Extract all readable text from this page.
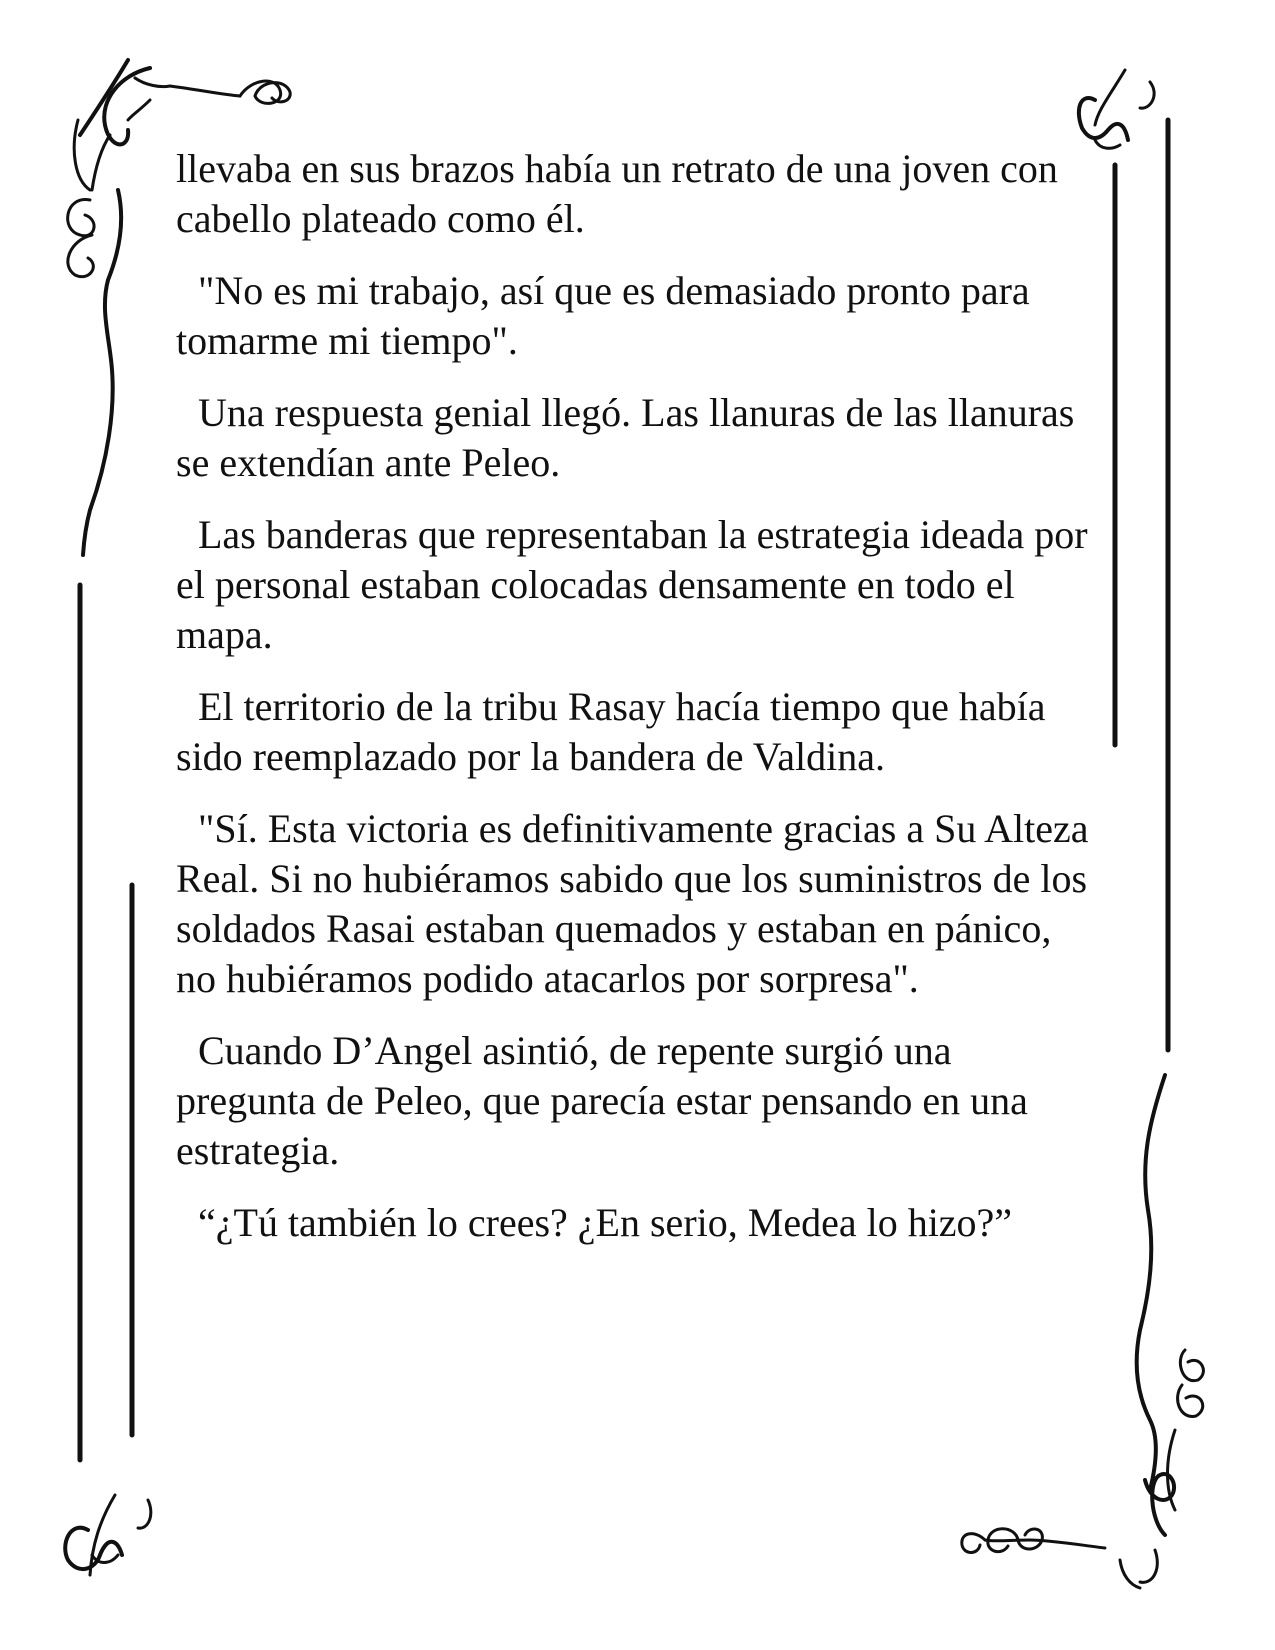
llevaba en sus brazos había un retrato de una joven con cabello plateado como él.

"No es mi trabajo, así que es demasiado pronto para tomarme mi tiempo".

Una respuesta genial llegó. Las llanuras de las llanuras se extendían ante Peleo.

Las banderas que representaban la estrategia ideada por el personal estaban colocadas densamente en todo el mapa.

El territorio de la tribu Rasay hacía tiempo que había sido reemplazado por la bandera de Valdina.

"Sí. Esta victoria es definitivamente gracias a Su Alteza Real. Si no hubiéramos sabido que los suministros de los soldados Rasai estaban quemados y estaban en pánico, no hubiéramos podido atacarlos por sorpresa".

Cuando D’Angel asintió, de repente surgió una pregunta de Peleo, que parecía estar pensando en una estrategia.

“¿Tú también lo crees? ¿En serio, Medea lo hizo?”
